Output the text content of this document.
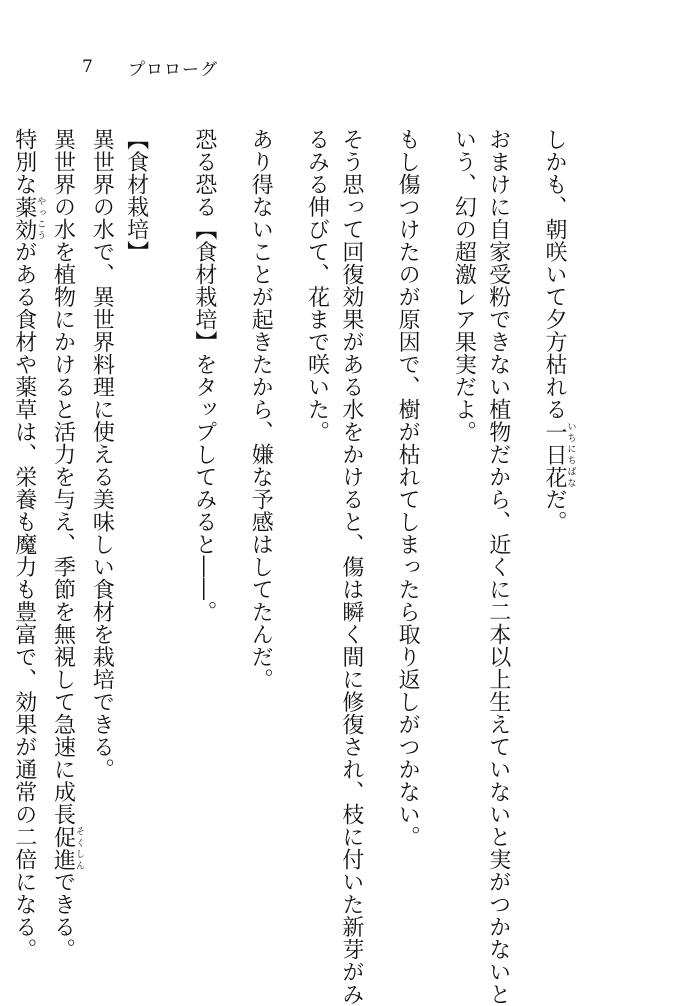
7	プロローグ
しかも、朝咲いて夕方枯れる一日花いちにちばなだ。
おまけに自家受粉できない植物だから、近くに二本以上生えていないと実がつかないと
いう、幻の超激レア果実だよ。
もし傷つけたのが原因で、樹が枯れてしまったら取り返しがつかない。
そう思って回復効果がある水をかけると、傷は瞬く間に修復され、枝に付いた新芽がみ
るみる伸びて、花まで咲いた。
あり得ないことが起きたから、嫌な予感はしてたんだ。
恐る恐る【食材栽培】をタップしてみると――。
【食材栽培】
異世界の水で、異世界料理に使える美味しい食材を栽培できる。
異世界の水を植物にかけると活力を与え、季節を無視して急速に成長促進そくしんできる。
特別な薬効やっこうがある食材や薬草は、栄養も魔力も豊富で、効果が通常の二倍になる。
